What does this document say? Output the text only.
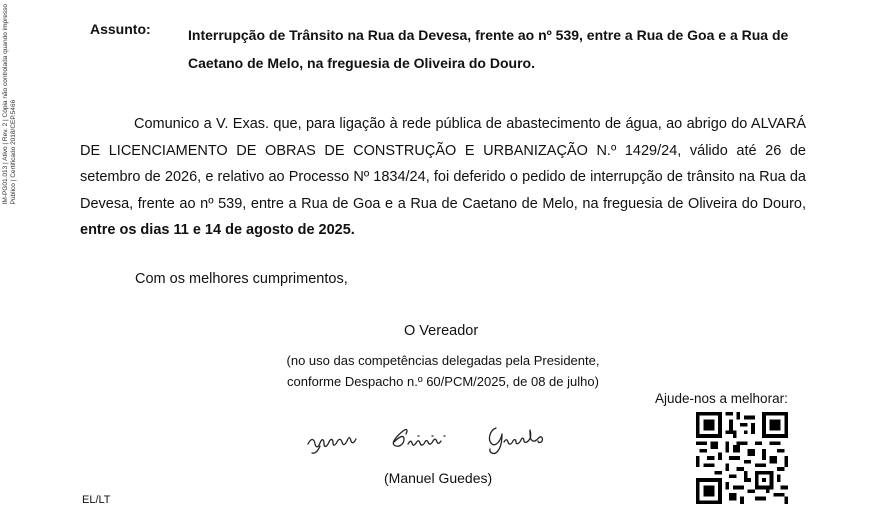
IM-PG01.013 | Ativo | Rev. 2 | Cópia não controlada quando impresso Público | Certificado 2018/CEP.5466
Assunto:	Interrupção de Trânsito na Rua da Devesa, frente ao nº 539, entre a Rua de Goa e a Rua de Caetano de Melo, na freguesia de Oliveira do Douro.

Comunico a V. Exas. que, para ligação à rede pública de abastecimento de água, ao abrigo do ALVARÁ DE LICENCIAMENTO DE OBRAS DE CONSTRUÇÃO E URBANIZAÇÃO N.º 1429/24, válido até 26 de setembro de 2026, e relativo ao Processo Nº 1834/24, foi deferido o pedido de interrupção de trânsito na Rua da Devesa, frente ao nº 539, entre a Rua de Goa e a Rua de Caetano de Melo, na freguesia de Oliveira do Douro, entre os dias 11 e 14 de agosto de 2025.

Com os melhores cumprimentos,
O Vereador
(no uso das competências delegadas pela Presidente,
conforme Despacho n.º 60/PCM/2025, de 08 de julho)
(Manuel Guedes)
EL/LT
Ajude-nos a melhorar:
